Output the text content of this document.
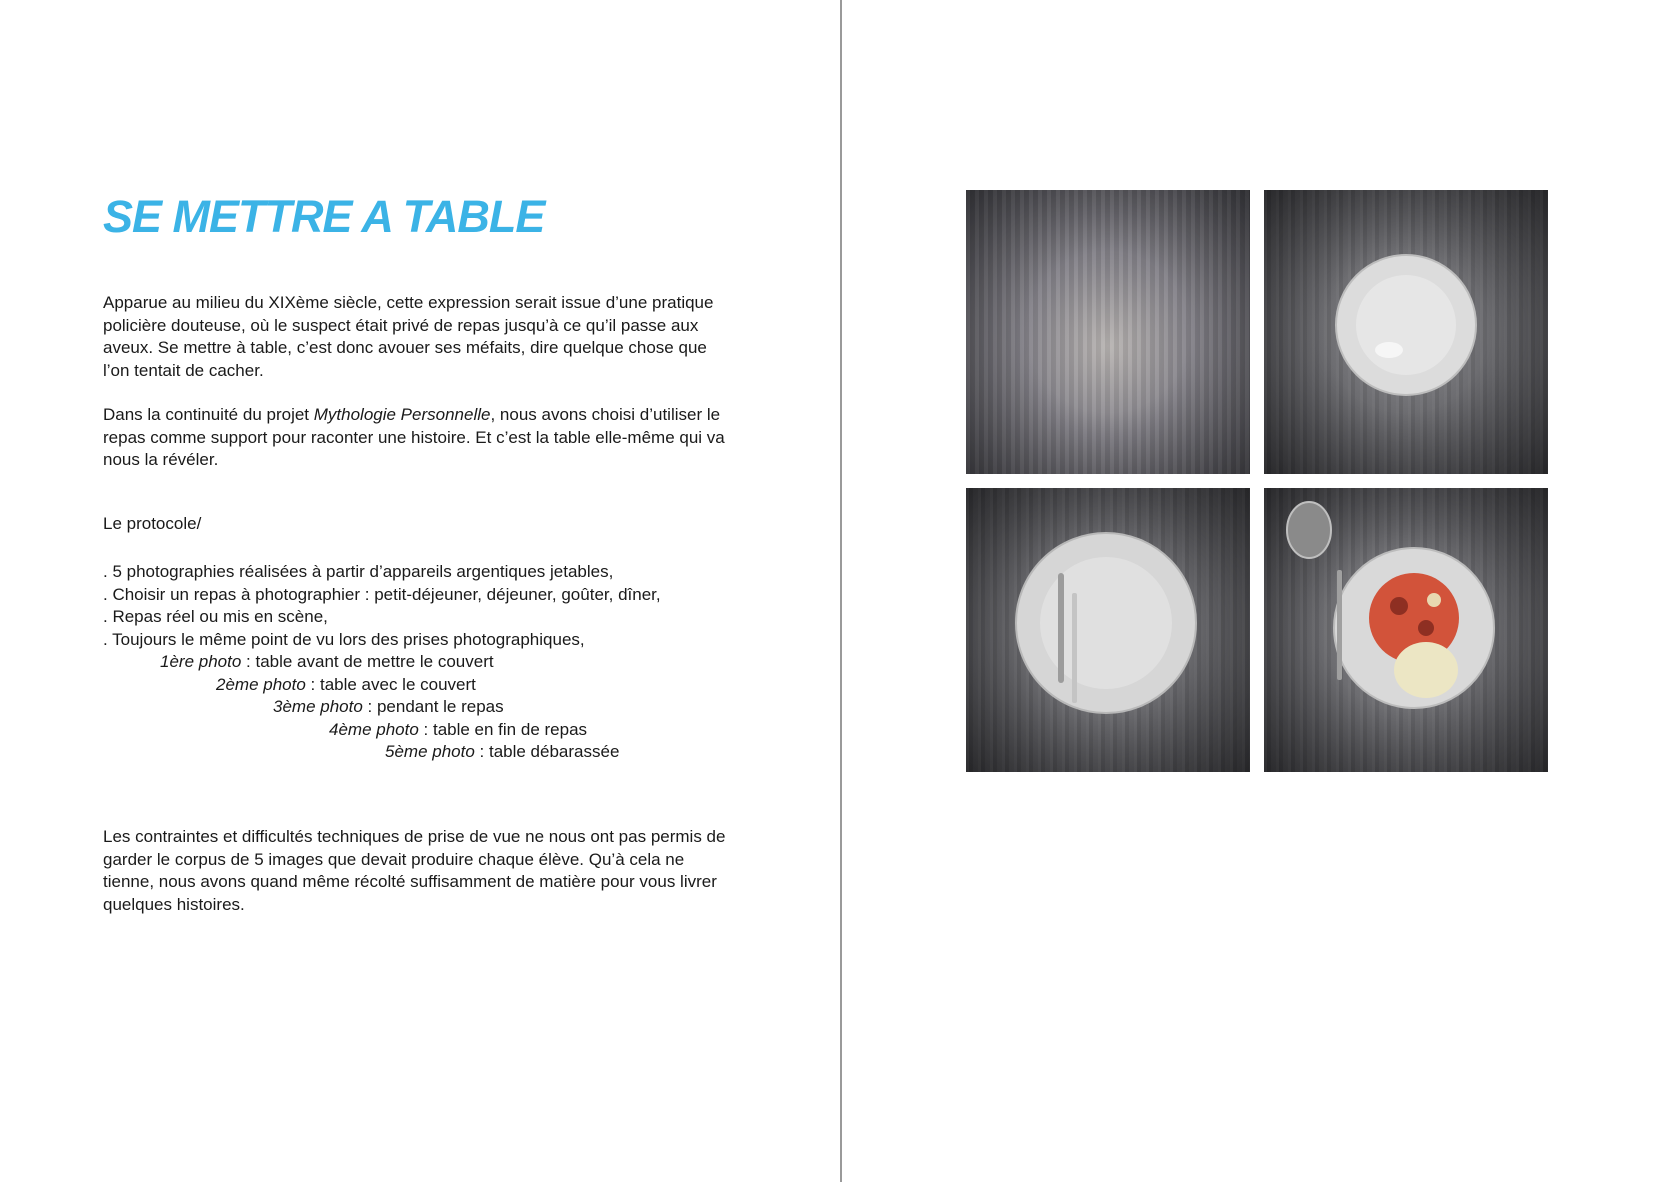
SE METTRE A TABLE

Apparue au milieu du XIXème siècle, cette expression serait issue d’une pratique policière douteuse, où le suspect était privé de repas jusqu’à ce qu’il passe aux aveux. Se mettre à table, c’est donc avouer ses méfaits, dire quelque chose que l’on tentait de cacher.

Dans la continuité du projet Mythologie Personnelle, nous avons choisi d’utiliser le repas comme support pour raconter une histoire. Et c’est la table elle-même qui va nous la révéler.

Le protocole/

. 5 photographies réalisées à partir d’appareils argentiques jetables,
. Choisir un repas à photographier : petit-déjeuner, déjeuner, goûter, dîner,
. Repas réel ou mis en scène,
. Toujours le même point de vu lors des prises photographiques,
1ère photo : table avant de mettre le couvert
2ème photo : table avec le couvert
3ème photo : pendant le repas
4ème photo : table en fin de repas
5ème photo : table débarassée

Les contraintes et difficultés techniques de prise de vue ne nous ont pas permis de garder le corpus de 5 images que devait produire chaque élève. Qu’à cela ne tienne, nous avons quand même récolté suffisamment de matière pour vous livrer quelques histoires.
